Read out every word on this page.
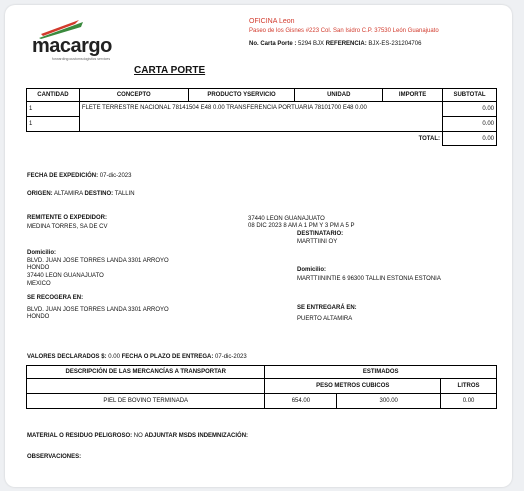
macargo
forwarding•customs•logistics services
OFICINA Leon
Paseo de los Gisnes #223 Col. San Isidro C.P. 37530 León Guanajuato
No. Carta Porte : 5294 BJX REFERENCIA: BJX-ES-231204706
CARTA PORTE
CANTIDAD	CONCEPTO	PRODUCTO YSERVICIO	UNIDAD	IMPORTE	SUBTOTAL
1	FLETE TERRESTRE NACIONAL 78141504 E48 0.00 TRANSFERENCIA PORTUARIA 78101700 E48 0.00				0.00
1					0.00
TOTAL:					0.00
FECHA DE EXPEDICIÓN: 07-dic-2023
ORIGEN: ALTAMIRA DESTINO: TALLIN
REMITENTE O EXPEDIDOR:
MEDINA TORRES, SA DE CV
37440 LEON GUANAJUATO
08 DIC 2023 8 AM A 1 PM Y 3 PM A 5 P
DESTINATARIO:
MARTTIINI OY
Domicilio:
BLVD. JUAN JOSE TORRES LANDA 3301 ARROYO
HONDO
37440 LEON GUANAJUATO
MEXICO
Domicilio:
MARTTIININTIE 6 96300 TALLIN ESTONIA ESTONIA
SE RECOGERA EN:
BLVD. JUAN JOSE TORRES LANDA 3301 ARROYO
HONDO
SE ENTREGARÁ EN:
PUERTO ALTAMIRA
VALORES DECLARADOS $: 0.00 FECHA O PLAZO DE ENTREGA: 07-dic-2023
DESCRIPCIÓN DE LAS MERCANCÍAS A TRANSPORTAR	ESTIMADOS		
	PESO METROS CUBICOS		LITROS
PIEL DE BOVINO TERMINADA	654.00	300.00	0.00
MATERIAL O RESIDUO PELIGROSO: NO ADJUNTAR MSDS INDEMNIZACIÓN:
OBSERVACIONES:
